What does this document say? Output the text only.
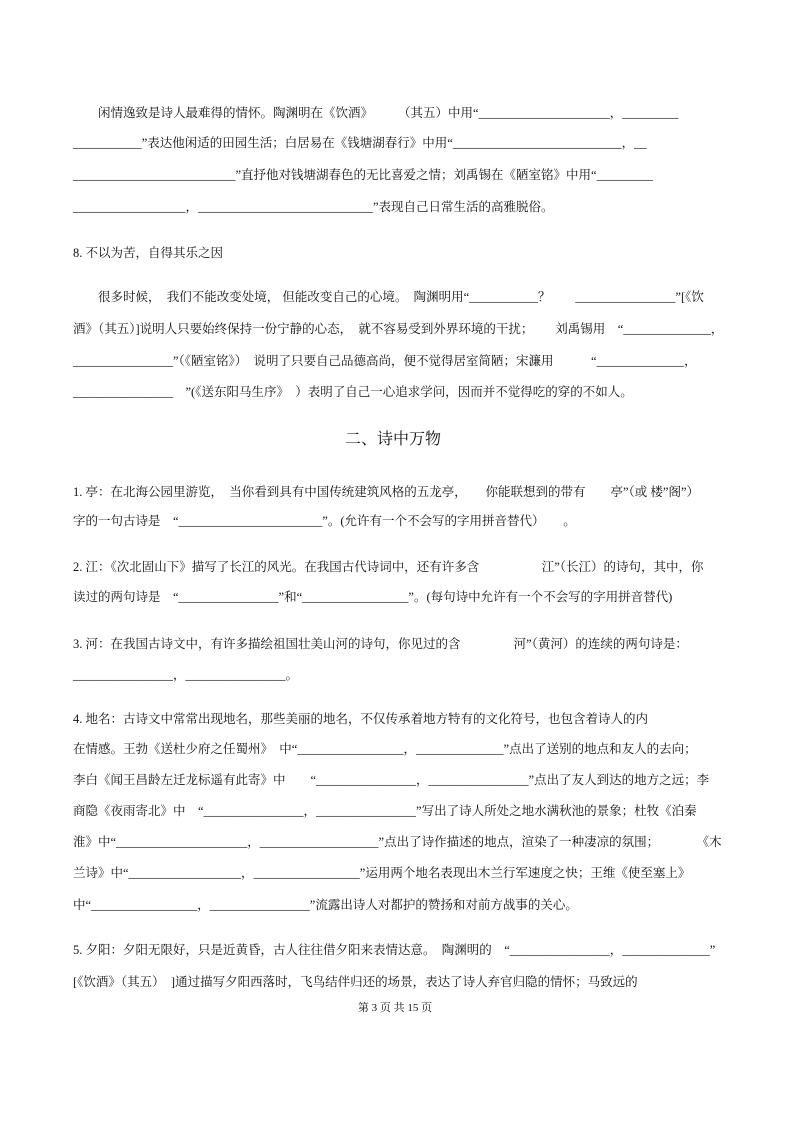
闲情逸致是诗人最难得的情怀。陶渊明在《饮酒》　　　（其五）中用“_____________________，_________
___________”表达他闲适的田园生活；白居易在《钱塘湖春行》中用“___________________________，__
__________________________”直抒他对钱塘湖春色的无比喜爱之情；刘禹锡在《陋室铭》中用“_________
__________________，____________________________”表现自己日常生活的高雅脱俗。
8. 不以为苦，自得其乐之因
很多时候，　我们不能改变处境， 但能改变自己的心境。　陶渊明用“___________？　　________________”[《饮
酒》（其五）]说明人只要始终保持一份宁静的心态，　就不容易受到外界环境的干扰；　　 刘禹锡用　“______________，
________________”（《陋室铭》）　说明了只要自己品德高尚，便不觉得居室简陋；宋濂用　　　“______________，
________________　”(《送东阳马生序》　）表明了自己一心追求学问，因而并不觉得吃的穿的不如人。
二、诗中万物
1. 亭：在北海公园里游览，　当你看到具有中国传统建筑风格的五龙亭，　　你能联想到的带有　　亭”（或 楼”阁”）
字的一句古诗是　“_______________________”。(允许有一个不会写的字用拼音替代）　　。
2. 江：《次北固山下》描写了长江的风光。在我国古代诗词中，还有许多含　　　　　江”（长江）的诗句，其中，你
读过的两句诗是　“________________”和“_________________”。(每句诗中允许有一个不会写的字用拼音替代)
3. 河：在我国古诗文中，有许多描绘祖国壮美山河的诗句，你见过的含　　　　 河”（黄河）的连续的两句诗是：
________________，________________。
4. 地名：古诗文中常常出现地名，那些美丽的地名，不仅传承着地方特有的文化符号，也包含着诗人的内
在情感。王勃《送杜少府之任蜀州》　中“_________________，______________”点出了送别的地点和友人的去向；
李白《闻王昌龄左迁龙标遥有此寄》中　　“________________，________________”点出了友人到达的地方之远；李
商隐《夜雨寄北》中　“________________，________________”写出了诗人所处之地水满秋池的景象；杜牧《泊秦
淮》中“_____________________，___________________”点出了诗作描述的地点，渲染了一种凄凉的氛围；　　　　《木
兰诗》中“__________________，_________________”运用两个地名表现出木兰行军速度之快；王维《使至塞上》
中“_________________，________________”流露出诗人对都护的赞扬和对前方战事的关心。
5. 夕阳：夕阳无限好，只是近黄昏，古人往往借夕阳来表情达意。　陶渊明的　“________________，______________”
[《饮酒》（其五）　]通过描写夕阳西落时，飞鸟结伴归还的场景，表达了诗人弃官归隐的情怀；马致远的
第 3 页 共 15 页
